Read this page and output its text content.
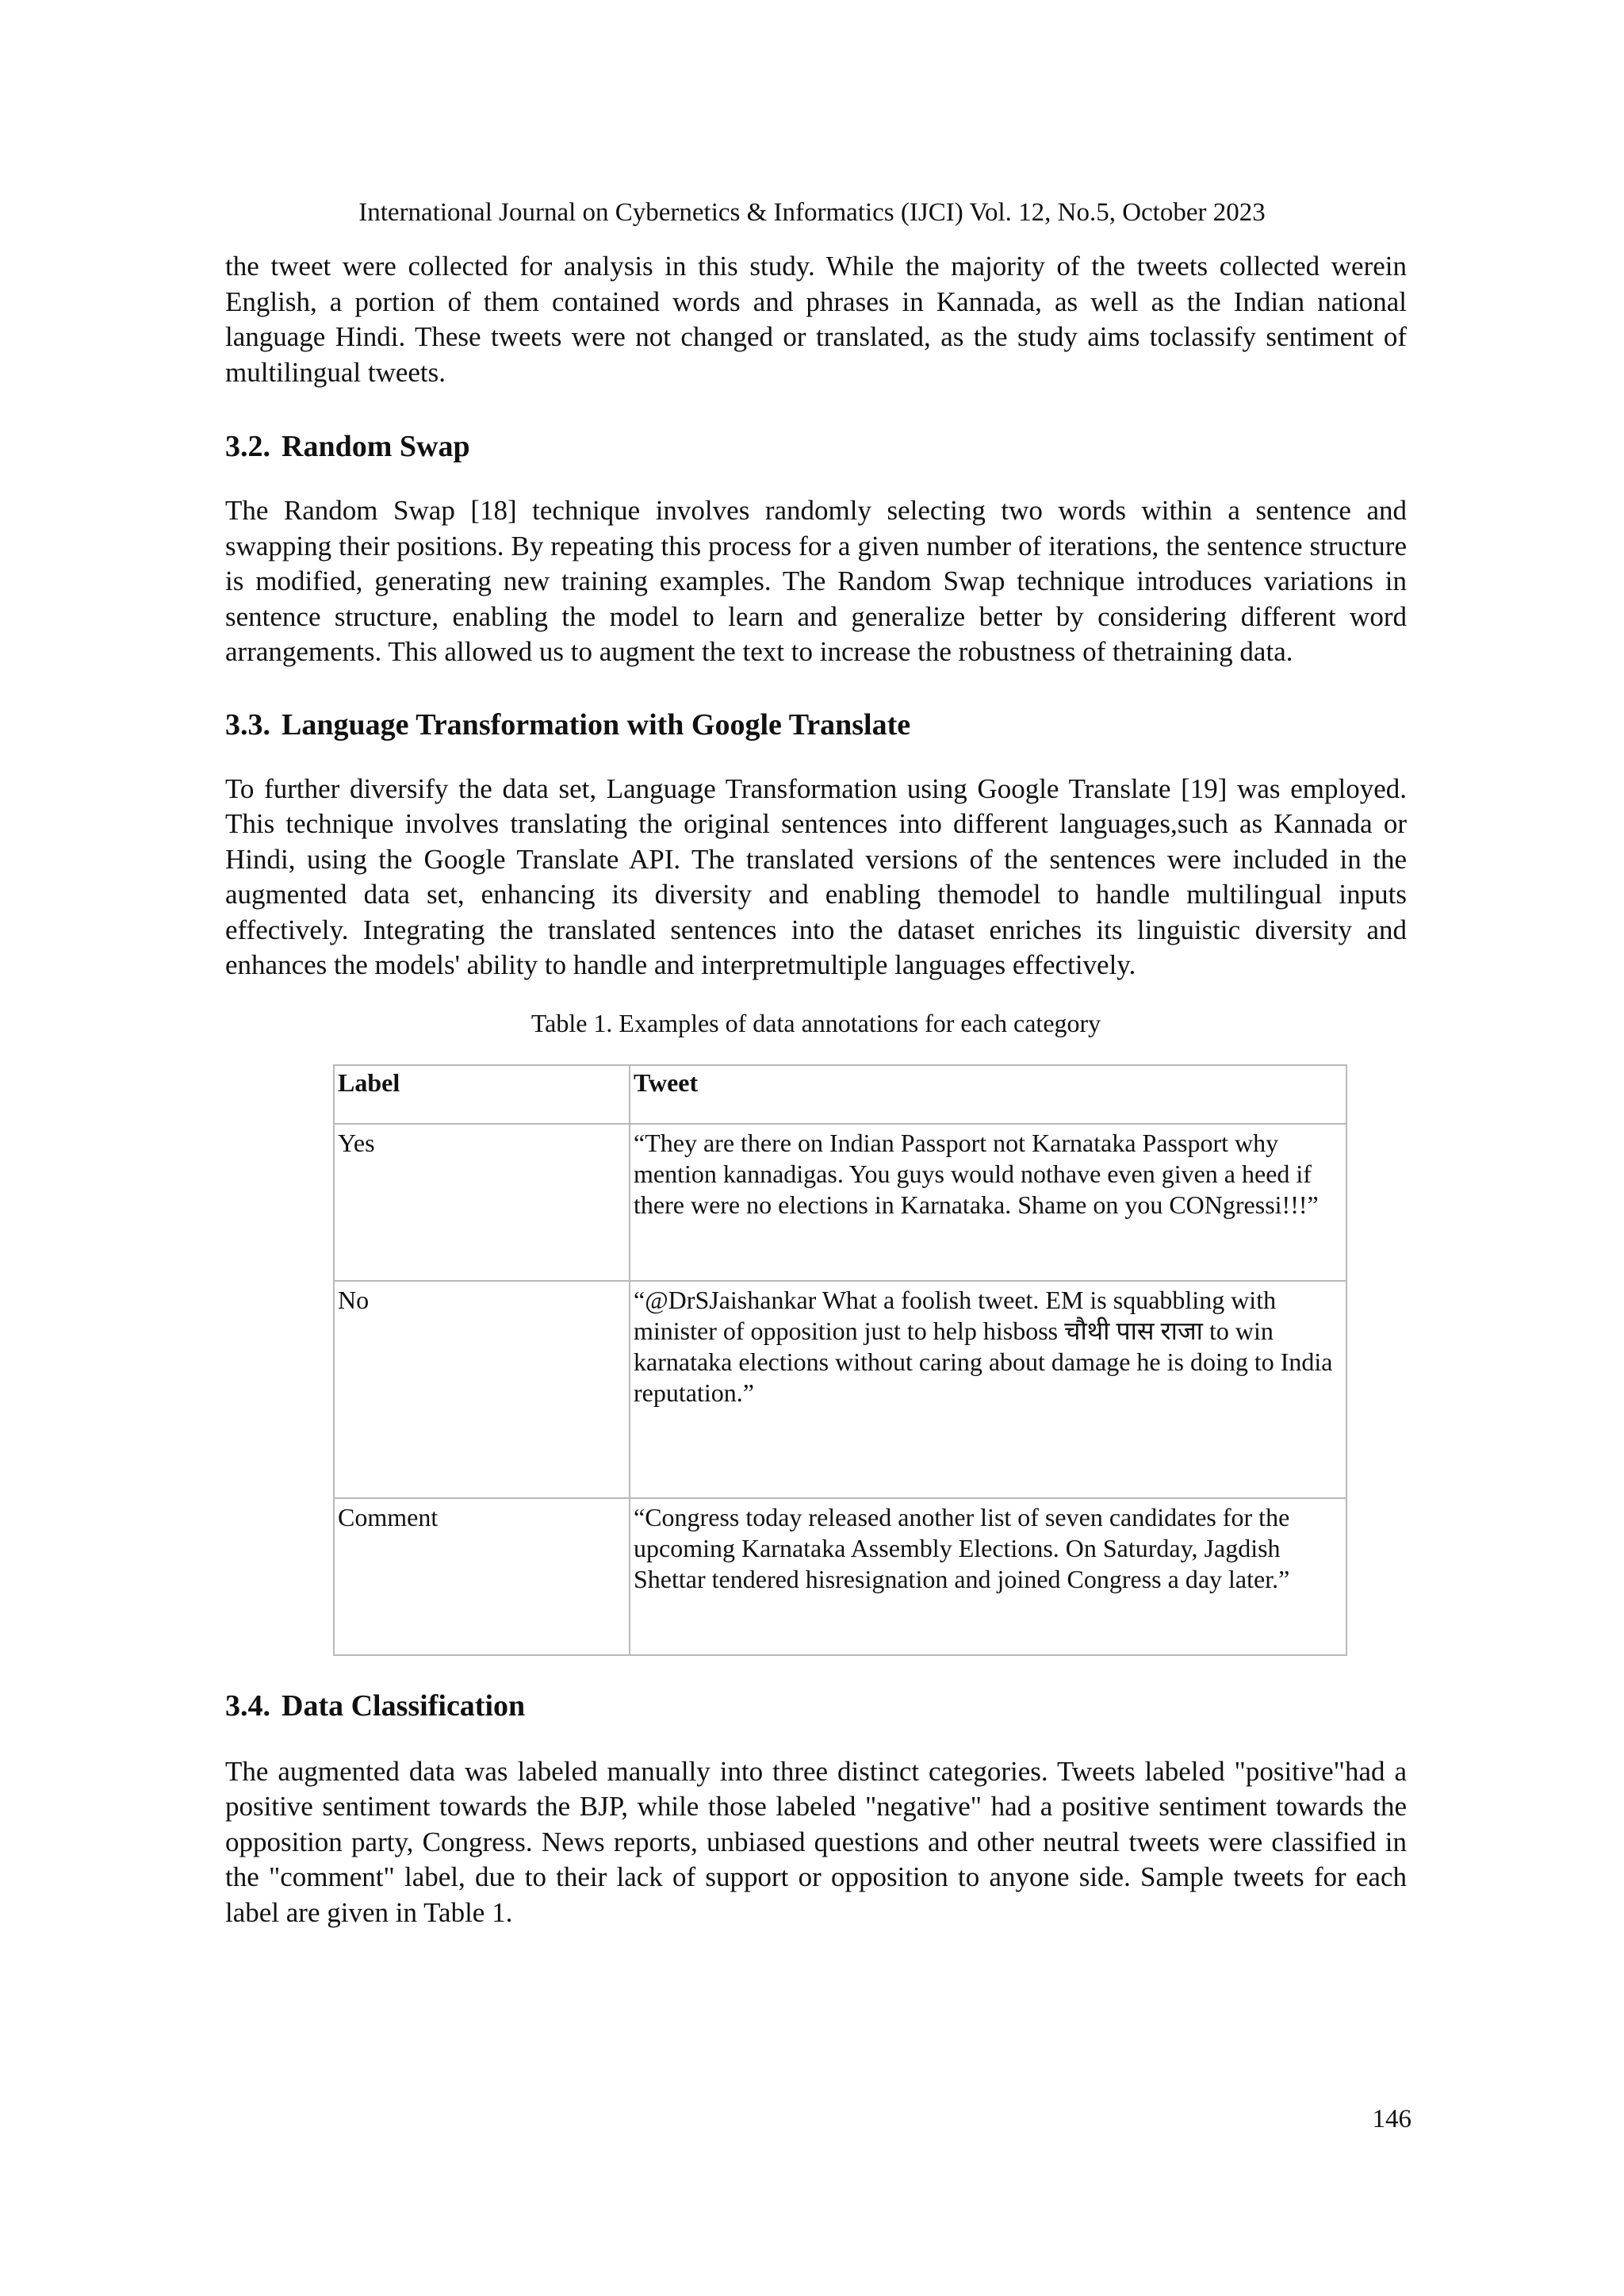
International Journal on Cybernetics & Informatics (IJCI) Vol. 12, No.5, October 2023

the tweet were collected for analysis in this study. While the majority of the tweets collected werein English, a portion of them contained words and phrases in Kannada, as well as the Indian national language Hindi. These tweets were not changed or translated, as the study aims toclassify sentiment of multilingual tweets.

3.2. Random Swap

The Random Swap [18] technique involves randomly selecting two words within a sentence and swapping their positions. By repeating this process for a given number of iterations, the sentence structure is modified, generating new training examples. The Random Swap technique introduces variations in sentence structure, enabling the model to learn and generalize better by considering different word arrangements. This allowed us to augment the text to increase the robustness of thetraining data.

3.3. Language Transformation with Google Translate

To further diversify the data set, Language Transformation using Google Translate [19] was employed. This technique involves translating the original sentences into different languages,such as Kannada or Hindi, using the Google Translate API. The translated versions of the sentences were included in the augmented data set, enhancing its diversity and enabling themodel to handle multilingual inputs effectively. Integrating the translated sentences into the dataset enriches its linguistic diversity and enhances the models' ability to handle and interpretmultiple languages effectively.

Table 1. Examples of data annotations for each category

Label	Tweet
Yes	“They are there on Indian Passport not Karnataka Passport why mention kannadigas. You guys would nothave even given a heed if there were no elections in Karnataka. Shame on you CONgressi!!!”
No	“@DrSJaishankar What a foolish tweet. EM is squabbling with minister of opposition just to help hisboss चौथी पास राजा to win karnataka elections without caring about damage he is doing to India reputation.”
Comment	“Congress today released another list of seven candidates for the upcoming Karnataka Assembly Elections. On Saturday, Jagdish Shettar tendered hisresignation and joined Congress a day later.”
3.4. Data Classification

The augmented data was labeled manually into three distinct categories. Tweets labeled "positive"had a positive sentiment towards the BJP, while those labeled "negative" had a positive sentiment towards the opposition party, Congress. News reports, unbiased questions and other neutral tweets were classified in the "comment" label, due to their lack of support or opposition to anyone side. Sample tweets for each label are given in Table 1.

146
